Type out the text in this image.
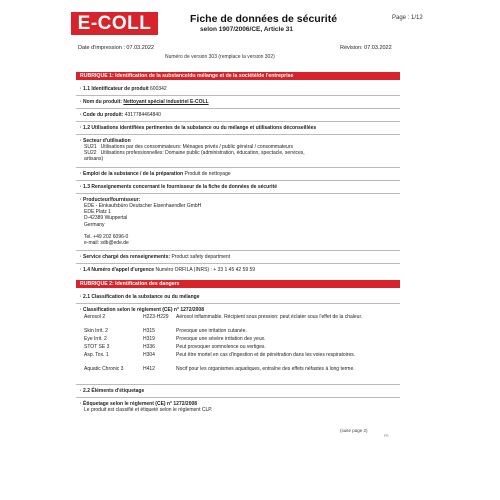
E-COLL	Fiche de données de sécurité
selon 1907/2006/CE, Article 31
Page : 1/12
Date d'impression : 07.03.2022	Révision: 07.03.2022
Numéro de version 303 (remplace la version 302)
RUBRIQUE 1: Identification de la substance/du mélange et de la société/de l'entreprise
· 1.1 Identificateur de produit 600342
· Nom du produit: Nettoyant spécial industriel E-COLL
· Code du produit: 4317784464840
· 1.2 Utilisations identifiées pertinentes de la substance ou du mélange et utilisations déconseillées
· Secteur d'utilisation
SU21   Utilisations par des consommateurs: Ménages privés / public général / consommateurs
SU22   Utilisations professionnelles: Domaine public (administration, éducation, spectacle, services,
artisans)
· Emploi de la substance / de la préparation Produit de nettoyage
· 1.3 Renseignements concernant le fournisseur de la fiche de données de sécurité
· Producteur/fournisseur:
EDE - Einkaufsbüro Deutscher Eisenhaendler GmbH
EDE Platz 1
D-42389 Wuppertal
Germany

Tel. +49 202 6096-0
e-mail: sdb@ede.de
· Service chargé des renseignements: Product safety department
· 1.4 Numéro d'appel d'urgence Numéro ORFILA (INRS) : + 33 1 45 42 59 59
RUBRIQUE 2: Identification des dangers
· 2.1 Classification de la substance ou du mélange
· Classification selon le règlement (CE) n° 1272/2008
Aerosol 2	H223-H229 Aérosol inflammable. Récipient sous pression: peut éclater sous l'effet de la chaleur.
Skin Irrit. 2	H315	Provoque une irritation cutanée.
Eye Irrit. 2	H319	Provoque une sévère irritation des yeux.
STOT SE 3	H336	Peut provoquer somnolence ou vertiges.
Asp. Tox. 1	H304	Peut être mortel en cas d'ingestion et de pénétration dans les voies respiratoires.
Aquatic Chronic 3	H412	Nocif pour les organismes aquatiques, entraîne des effets néfastes à long terme.
· 2.2 Éléments d'étiquetage
· Étiquetage selon le règlement (CE) n° 1272/2008
Le produit est classifié et étiqueté selon le règlement CLP.
(suite page 2)
FR
